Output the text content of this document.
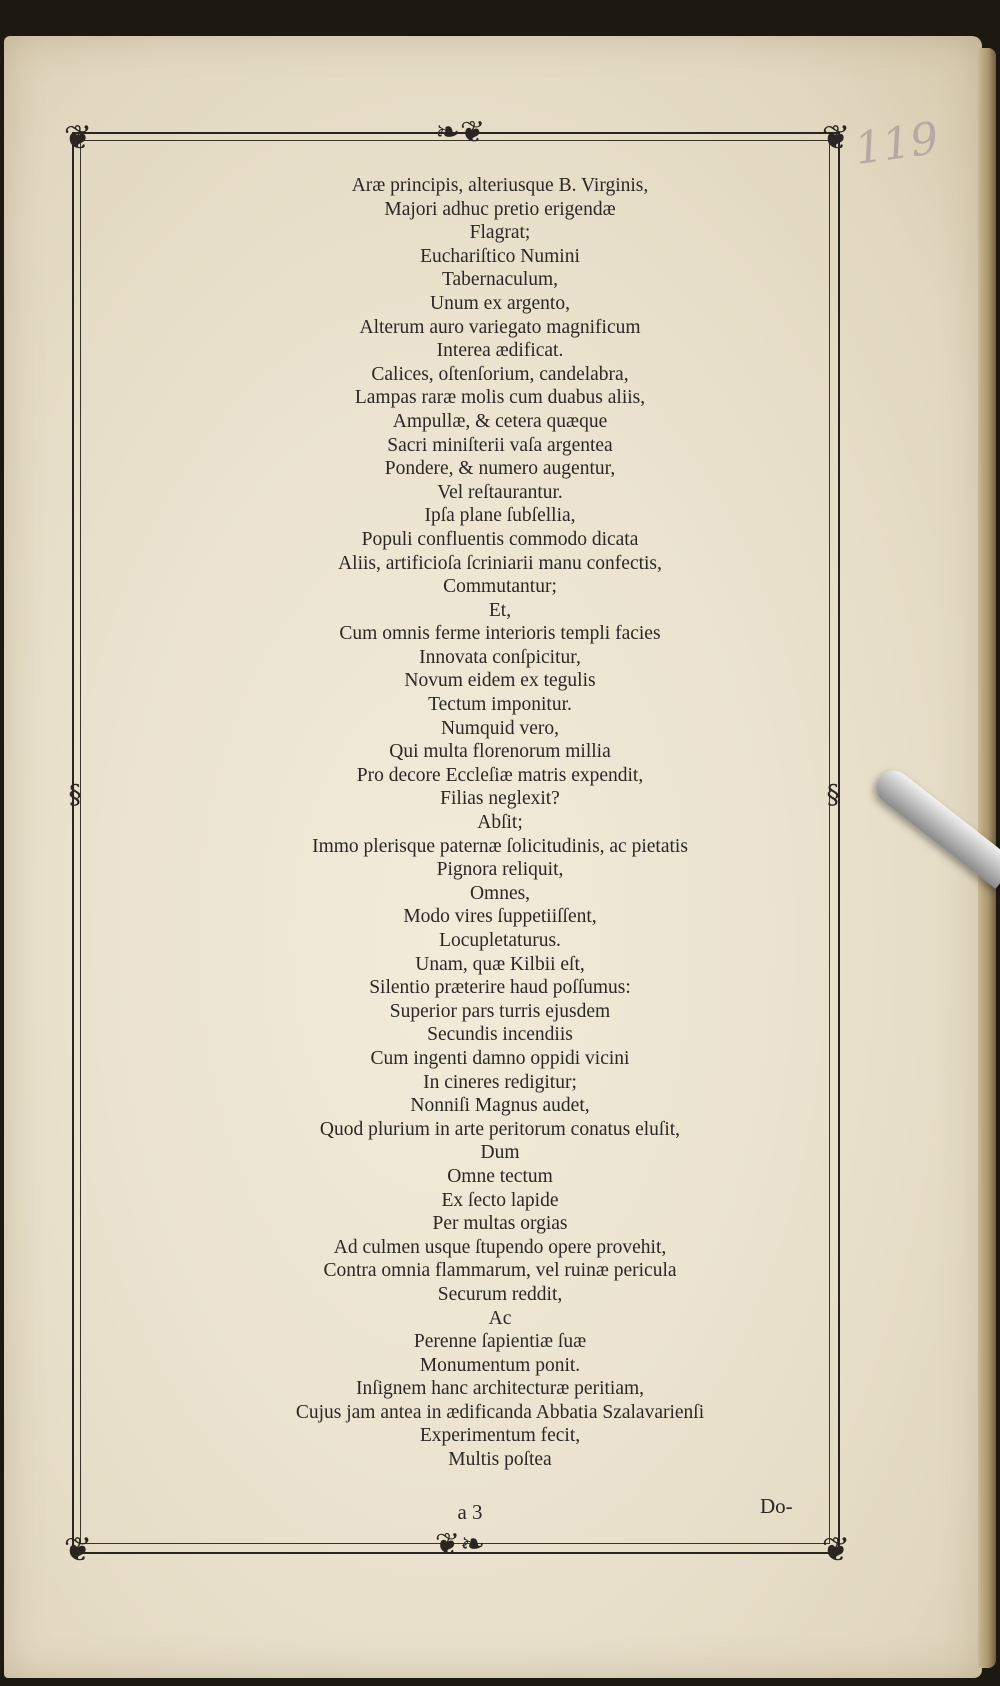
119
❦	❦
❦	❦
❧❦
❦❧
§	§
Aræ principis, alteriusque B. Virginis,
Majori adhuc pretio erigendæ
Flagrat;
Euchariſtico Numini
Tabernaculum,
Unum ex argento,
Alterum auro variegato magnificum
Interea ædificat.
Calices, oſtenſorium, candelabra,
Lampas raræ molis cum duabus aliis,
Ampullæ, & cetera quæque
Sacri miniſterii vaſa argentea
Pondere, & numero augentur,
Vel reſtaurantur.
Ipſa plane ſubſellia,
Populi confluentis commodo dicata
Aliis, artificioſa ſcriniarii manu confectis,
Commutantur;
Et,
Cum omnis ferme interioris templi facies
Innovata conſpicitur,
Novum eidem ex tegulis
Tectum imponitur.
Numquid vero,
Qui multa florenorum millia
Pro decore Eccleſiæ matris expendit,
Filias neglexit?
Abſit;
Immo plerisque paternæ ſolicitudinis, ac pietatis
Pignora reliquit,
Omnes,
Modo vires ſuppetiiſſent,
Locupletaturus.
Unam, quæ Kilbii eſt,
Silentio præterire haud poſſumus:
Superior pars turris ejusdem
Secundis incendiis
Cum ingenti damno oppidi vicini
In cineres redigitur;
Nonniſi Magnus audet,
Quod plurium in arte peritorum conatus eluſit,
Dum
Omne tectum
Ex ſecto lapide
Per multas orgias
Ad culmen usque ſtupendo opere provehit,
Contra omnia flammarum, vel ruinæ pericula
Securum reddit,
Ac
Perenne ſapientiæ ſuæ
Monumentum ponit.
Inſignem hanc architecturæ peritiam,
Cujus jam antea in ædificanda Abbatia Szalavarienſi
Experimentum fecit,
Multis poſtea
a 3	Do-
